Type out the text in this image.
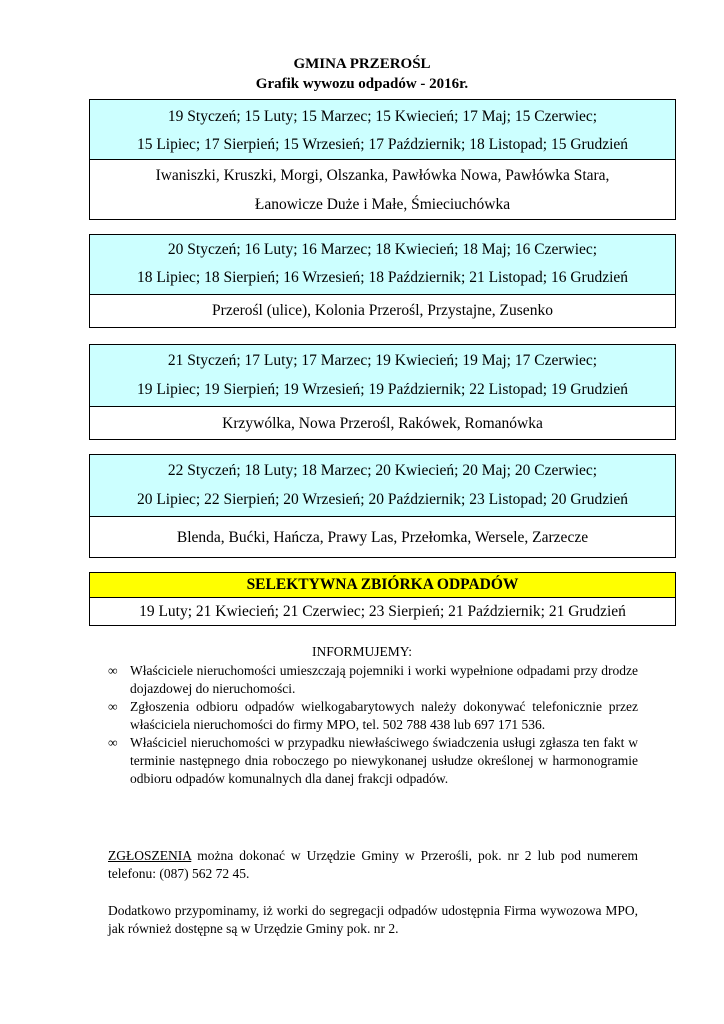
GMINA PRZEROŚL
Grafik wywozu odpadów - 2016r.
19 Styczeń; 15 Luty; 15 Marzec; 15 Kwiecień; 17 Maj; 15 Czerwiec;
15 Lipiec; 17 Sierpień; 15 Wrzesień; 17 Październik; 18 Listopad; 15 Grudzień
Iwaniszki, Kruszki, Morgi, Olszanka, Pawłówka Nowa, Pawłówka Stara,
Łanowicze Duże i Małe, Śmieciuchówka
20 Styczeń; 16 Luty; 16 Marzec; 18 Kwiecień; 18 Maj; 16 Czerwiec;
18 Lipiec; 18 Sierpień; 16 Wrzesień; 18 Październik; 21 Listopad; 16 Grudzień
Przerośl (ulice), Kolonia Przerośl, Przystajne, Zusenko
21 Styczeń; 17 Luty; 17 Marzec; 19 Kwiecień; 19 Maj; 17 Czerwiec;
19 Lipiec; 19 Sierpień; 19 Wrzesień; 19 Październik; 22 Listopad; 19 Grudzień
Krzywólka, Nowa Przerośl, Rakówek, Romanówka
22 Styczeń; 18 Luty; 18 Marzec; 20 Kwiecień; 20 Maj; 20 Czerwiec;
20 Lipiec; 22 Sierpień; 20 Wrzesień; 20 Październik; 23 Listopad; 20 Grudzień
Blenda, Bućki, Hańcza, Prawy Las, Przełomka, Wersele, Zarzecze
SELEKTYWNA ZBIÓRKA ODPADÓW
19 Luty; 21 Kwiecień; 21 Czerwiec; 23 Sierpień; 21 Październik; 21 Grudzień
INFORMUJEMY:
∞ Właściciele nieruchomości umieszczają pojemniki i worki wypełnione odpadami przy drodze dojazdowej do nieruchomości.
∞ Zgłoszenia odbioru odpadów wielkogabarytowych należy dokonywać telefonicznie przez właściciela nieruchomości do firmy MPO, tel. 502 788 438 lub 697 171 536.
∞ Właściciel nieruchomości w przypadku niewłaściwego świadczenia usługi zgłasza ten fakt w terminie następnego dnia roboczego po niewykonanej usłudze określonej w harmonogramie odbioru odpadów komunalnych dla danej frakcji odpadów.
ZGŁOSZENIA można dokonać w Urzędzie Gminy w Przerośli, pok. nr 2 lub pod numerem telefonu: (087) 562 72 45.
Dodatkowo przypominamy, iż worki do segregacji odpadów udostępnia Firma wywozowa MPO, jak również dostępne są w Urzędzie Gminy pok. nr 2.
